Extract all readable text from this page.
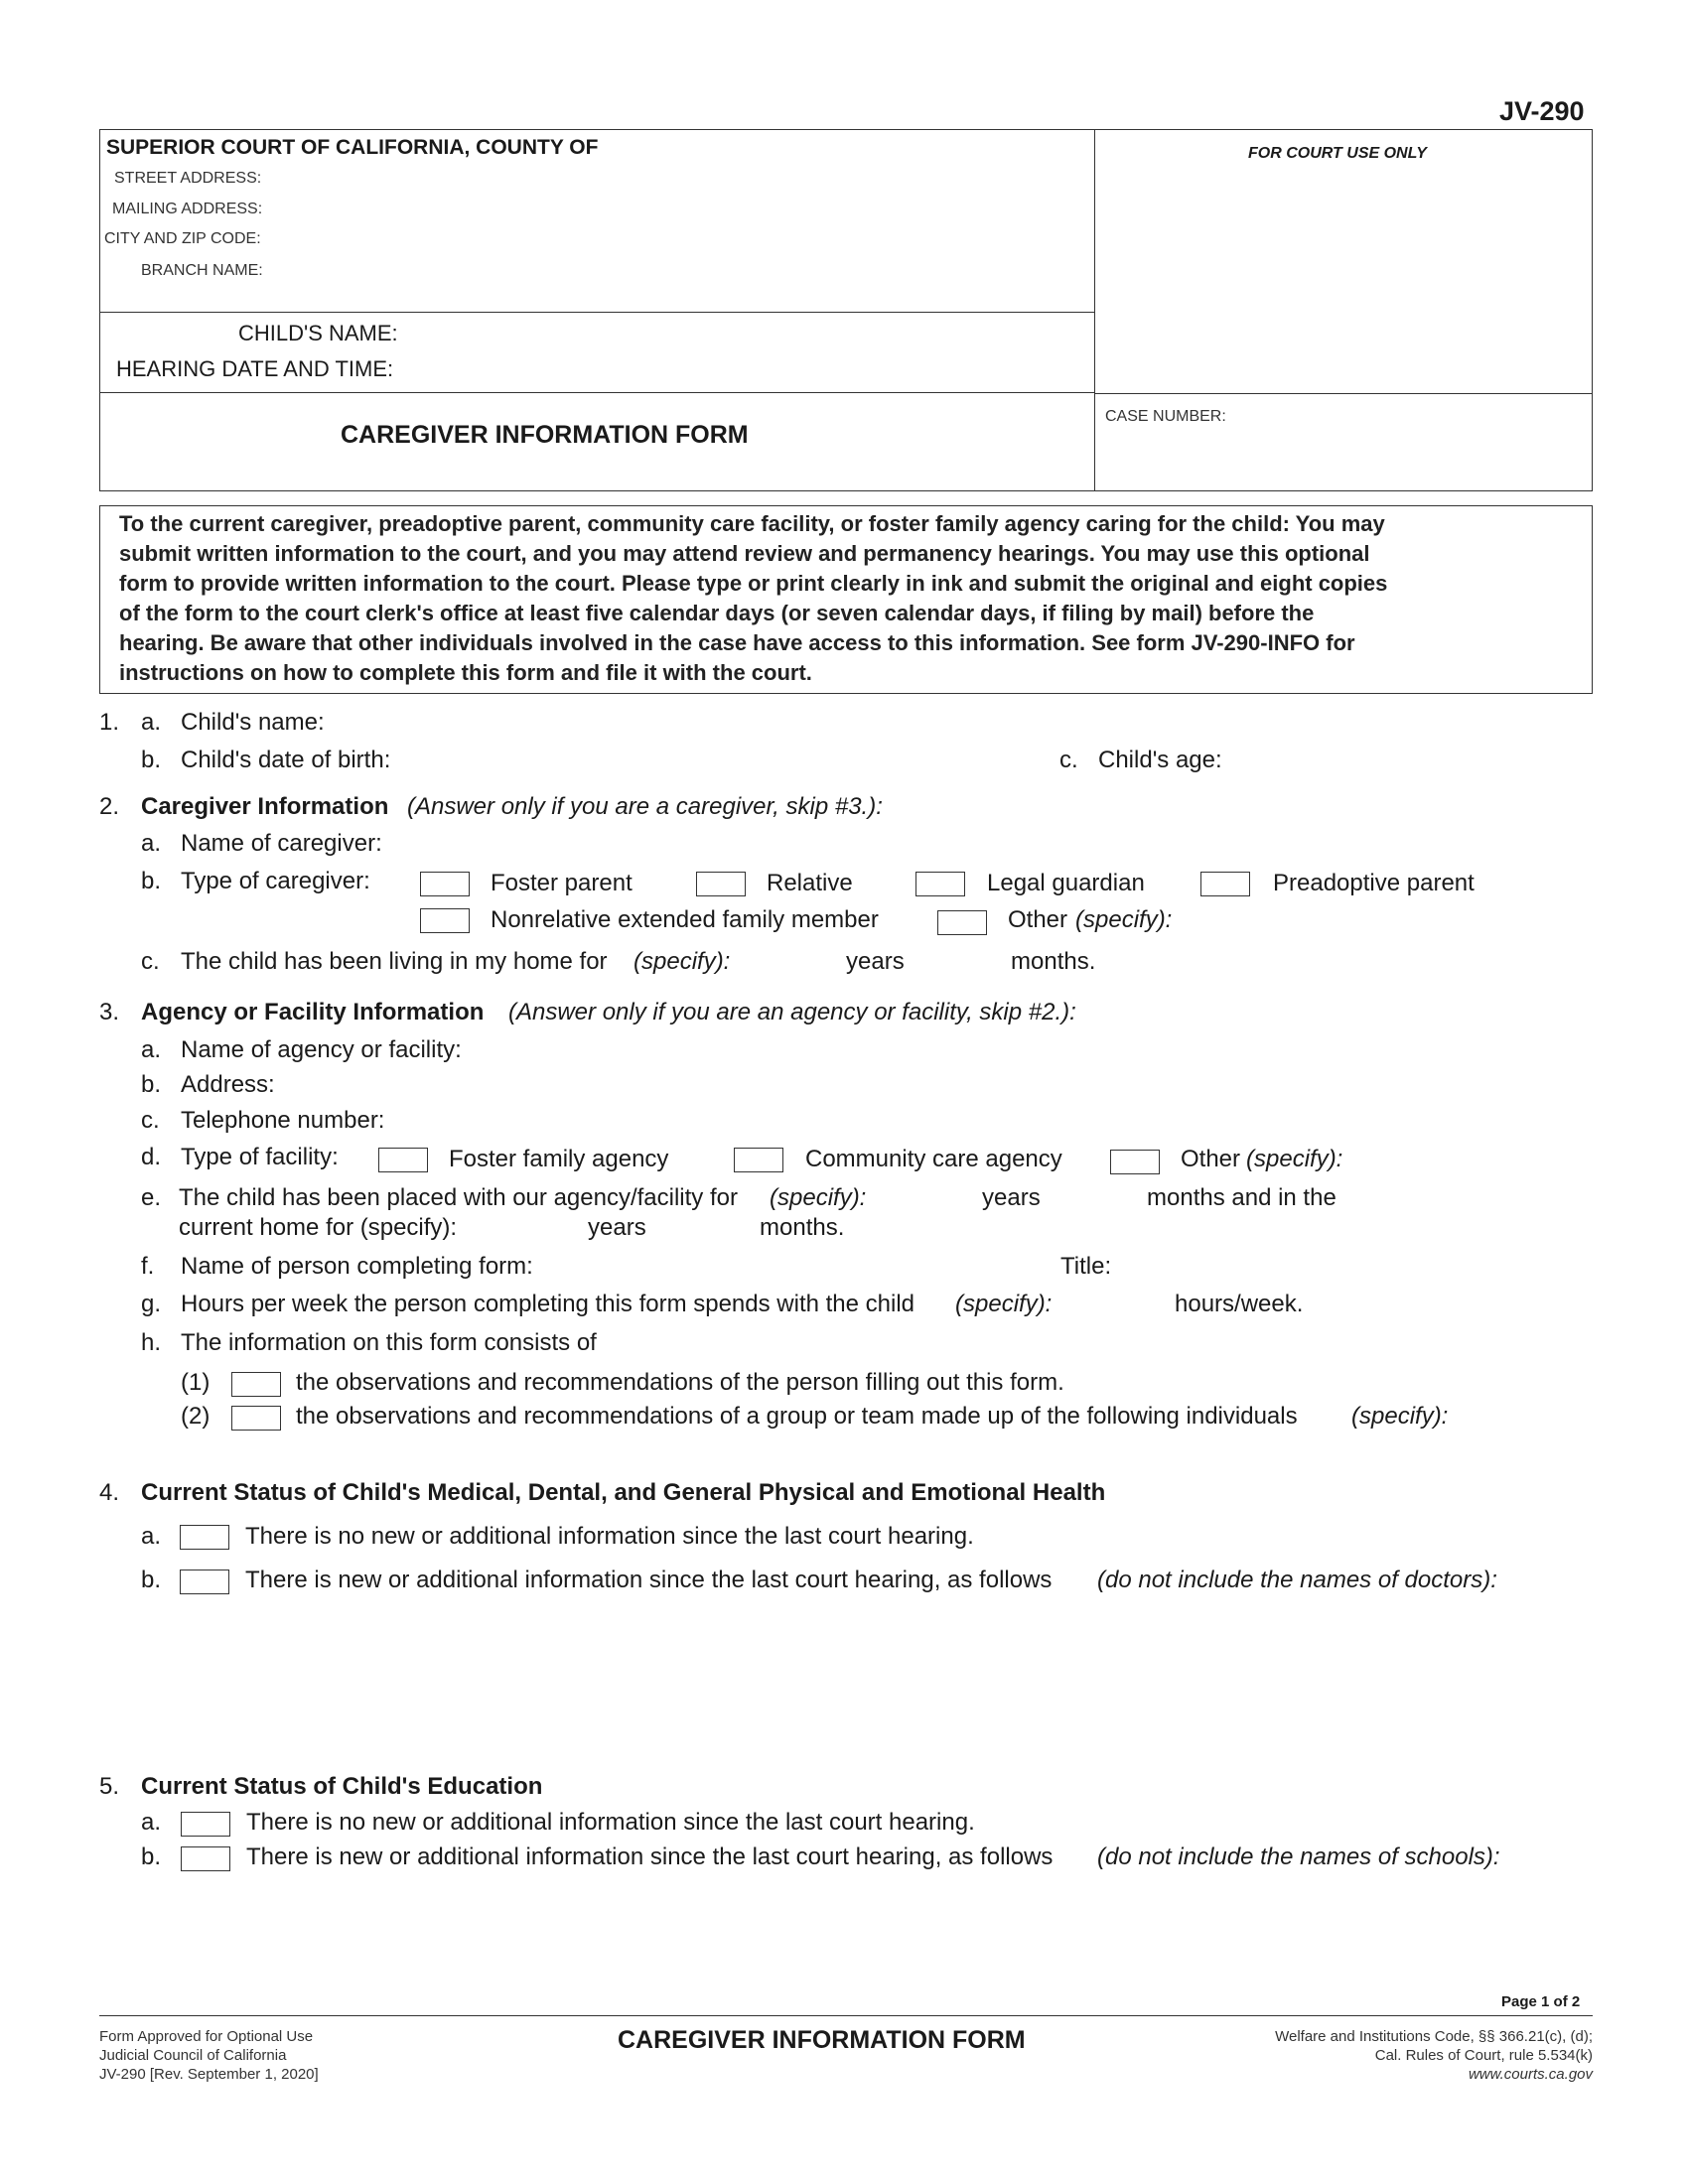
JV-290
SUPERIOR COURT OF CALIFORNIA, COUNTY OF
STREET ADDRESS:
MAILING ADDRESS:
CITY AND ZIP CODE:
BRANCH NAME:
FOR COURT USE ONLY
CHILD'S NAME:
HEARING DATE AND TIME:
CAREGIVER INFORMATION FORM
CASE NUMBER:
To the current caregiver, preadoptive parent, community care facility, or foster family agency caring for the child: You may
submit written information to the court, and you may attend review and permanency hearings. You may use this optional
form to provide written information to the court. Please type or print clearly in ink and submit the original and eight copies
of the form to the court clerk's office at least five calendar days (or seven calendar days, if filing by mail) before the
hearing. Be aware that other individuals involved in the case have access to this information. See form JV-290-INFO for
instructions on how to complete this form and file it with the court.
1. a. Child's name:
b. Child's date of birth:	c. Child's age:
2. Caregiver Information (Answer only if you are a caregiver, skip #3.):
a. Name of caregiver:
b. Type of caregiver:	Foster parent	Relative	Legal guardian	Preadoptive parent
Nonrelative extended family member	Other (specify):
c. The child has been living in my home for (specify):	years	months.
3. Agency or Facility Information (Answer only if you are an agency or facility, skip #2.):
a. Name of agency or facility:
b. Address:
c. Telephone number:
d. Type of facility:	Foster family agency	Community care agency	Other (specify):
e. The child has been placed with our agency/facility for (specify):	years	months and in the
current home for (specify):	years	months.
f. Name of person completing form:	Title:
g. Hours per week the person completing this form spends with the child (specify):	hours/week.
h. The information on this form consists of
(1)	the observations and recommendations of the person filling out this form.
(2)	the observations and recommendations of a group or team made up of the following individuals (specify):
4. Current Status of Child's Medical, Dental, and General Physical and Emotional Health
a.	There is no new or additional information since the last court hearing.
b.	There is new or additional information since the last court hearing, as follows (do not include the names of doctors):
5. Current Status of Child's Education
a.	There is no new or additional information since the last court hearing.
b.	There is new or additional information since the last court hearing, as follows (do not include the names of schools):
Page 1 of 2
Form Approved for Optional Use
Judicial Council of California
JV-290 [Rev. September 1, 2020]
CAREGIVER INFORMATION FORM	Welfare and Institutions Code, §§ 366.21(c), (d);
Cal. Rules of Court, rule 5.534(k)
www.courts.ca.gov
